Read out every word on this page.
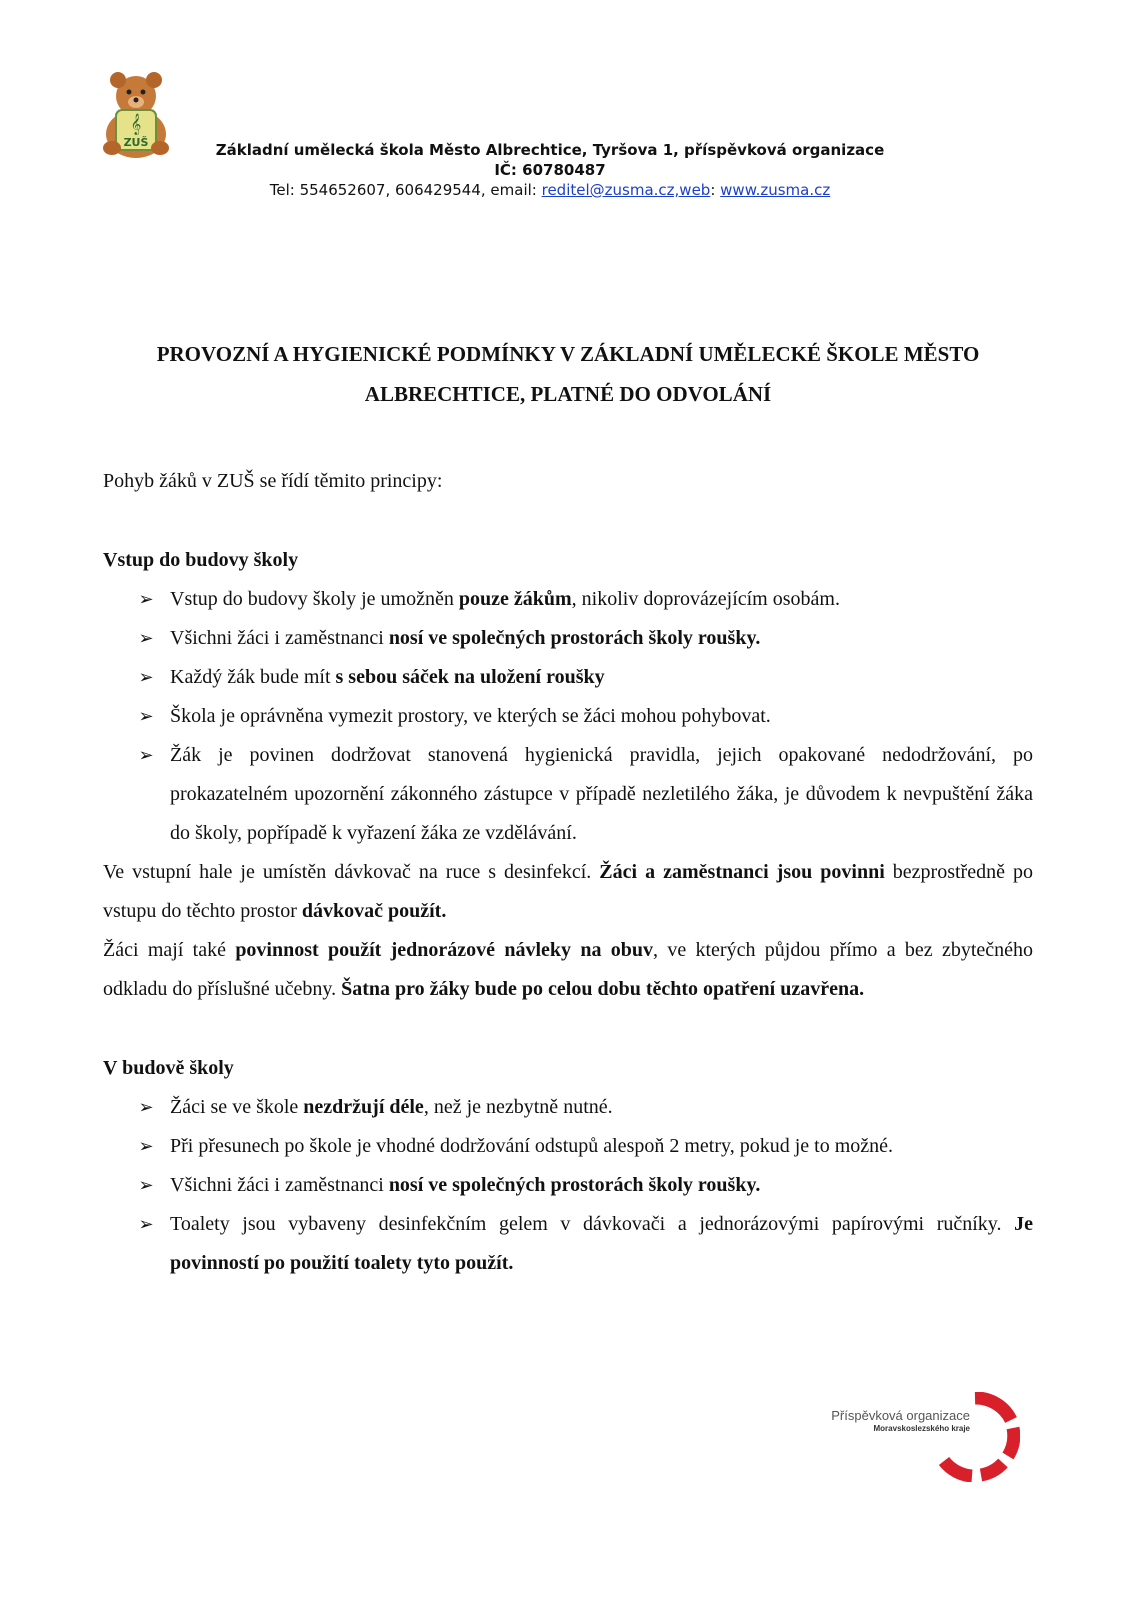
𝄞
ZUŠ	Základní umělecká škola Město Albrechtice, Tyršova 1, příspěvková organizace
IČ: 60780487
Tel: 554652607, 606429544, email: reditel@zusma.cz,web: www.zusma.cz
PROVOZNÍ A HYGIENICKÉ PODMÍNKY V ZÁKLADNÍ UMĚLECKÉ ŠKOLE MĚSTO
ALBRECHTICE, PLATNÉ DO ODVOLÁNÍ

Pohyb žáků v ZUŠ se řídí těmito principy:

Vstup do budovy školy
➢ Vstup do budovy školy je umožněn pouze žákům, nikoliv doprovázejícím osobám.
➢ Všichni žáci i zaměstnanci nosí ve společných prostorách školy roušky.
➢ Každý žák bude mít s sebou sáček na uložení roušky
➢ Škola je oprávněna vymezit prostory, ve kterých se žáci mohou pohybovat.
➢ Žák je povinen dodržovat stanovená hygienická pravidla, jejich opakované nedodržování, po prokazatelném upozornění zákonného zástupce v případě nezletilého žáka, je důvodem k nevpuštění žáka do školy, popřípadě k vyřazení žáka ze vzdělávání.

Ve vstupní hale je umístěn dávkovač na ruce s desinfekcí. Žáci a zaměstnanci jsou povinni bezprostředně po vstupu do těchto prostor dávkovač použít.

Žáci mají také povinnost použít jednorázové návleky na obuv, ve kterých půjdou přímo a bez zbytečného odkladu do příslušné učebny. Šatna pro žáky bude po celou dobu těchto opatření uzavřena.

V budově školy
➢ Žáci se ve škole nezdržují déle, než je nezbytně nutné.
➢ Při přesunech po škole je vhodné dodržování odstupů alespoň 2 metry, pokud je to možné.
➢ Všichni žáci i zaměstnanci nosí ve společných prostorách školy roušky.
➢ Toalety jsou vybaveny desinfekčním gelem v dávkovači a jednorázovými papírovými ručníky. Je povinností po použití toalety tyto použít.
Příspěvková organizace
Moravskoslezského kraje
